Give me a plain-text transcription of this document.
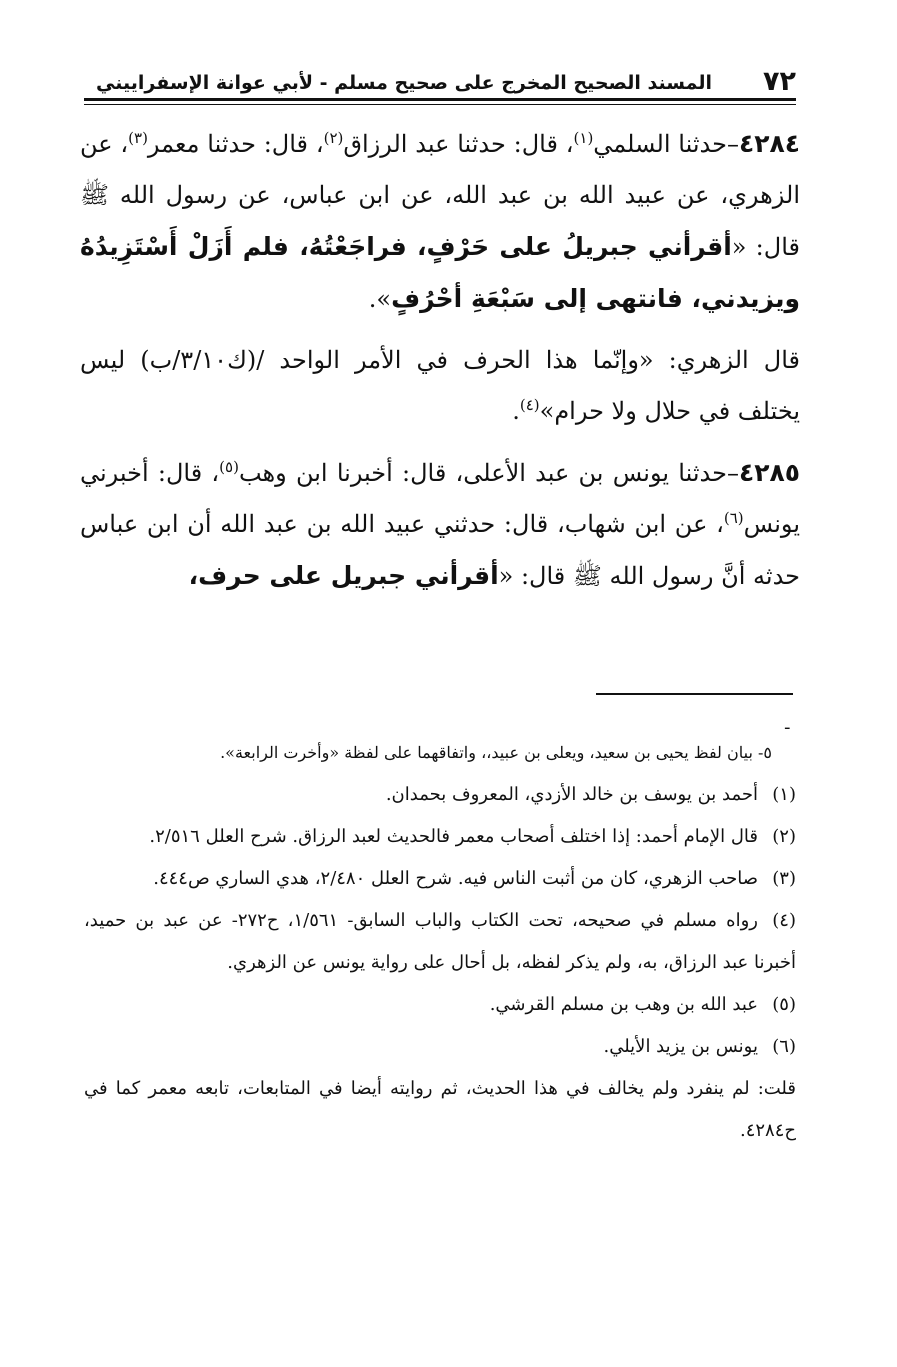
٧٢
المسند الصحيح المخرج على صحيح مسلم - لأبي عوانة الإسفراييني

٤٢٨٤–حدثنا السلمي$^{(١)}$، قال: حدثنا عبد الرزاق$^{(٢)}$، قال: حدثنا معمر$^{(٣)}$، عن الزهري، عن عبيد الله بن عبد الله، عن ابن عباس، عن رسول الله ﷺ قال: «أقرأني جبريلُ على حَرْفٍ، فراجَعْتُهُ، فلم أَزَلْ أَسْتَزِيدُهُ ويزيدني، فانتهى إلى سَبْعَةِ أحْرُفٍ».

قال الزهري: «وإنّما هذا الحرف في الأمر الواحد /(ك٣/١٠/ب) ليس يختلف في حلال ولا حرام»$^{(٤)}$.

٤٢٨٥–حدثنا يونس بن عبد الأعلى، قال: أخبرنا ابن وهب$^{(٥)}$، قال: أخبرني يونس$^{(٦)}$، عن ابن شهاب، قال: حدثني عبيد الله بن عبد الله أن ابن عباس حدثه أنَّ رسول الله ﷺ قال: «أقرأني جبريل على حرف،

-

٥- بيان لفظ يحيى بن سعيد، ويعلى بن عبيد،، واتفاقهما على لفظة «وأخرت الرابعة».

(١)أحمد بن يوسف بن خالد الأزدي، المعروف بحمدان.

(٢)قال الإمام أحمد: إذا اختلف أصحاب معمر فالحديث لعبد الرزاق. شرح العلل ٢/٥١٦.

(٣)صاحب الزهري، كان من أثبت الناس فيه. شرح العلل ٢/٤٨٠، هدي الساري ص٤٤٤.

(٤)رواه مسلم في صحيحه، تحت الكتاب والباب السابق- ١/٥٦١، ح٢٧٢- عن عبد بن حميد، أخبرنا عبد الرزاق، به، ولم يذكر لفظه، بل أحال على رواية يونس عن الزهري.

(٥)عبد الله بن وهب بن مسلم القرشي.

(٦)يونس بن يزيد الأيلي.

قلت: لم ينفرد ولم يخالف في هذا الحديث، ثم روايته أيضا في المتابعات، تابعه معمر كما في ح٤٢٨٤.
